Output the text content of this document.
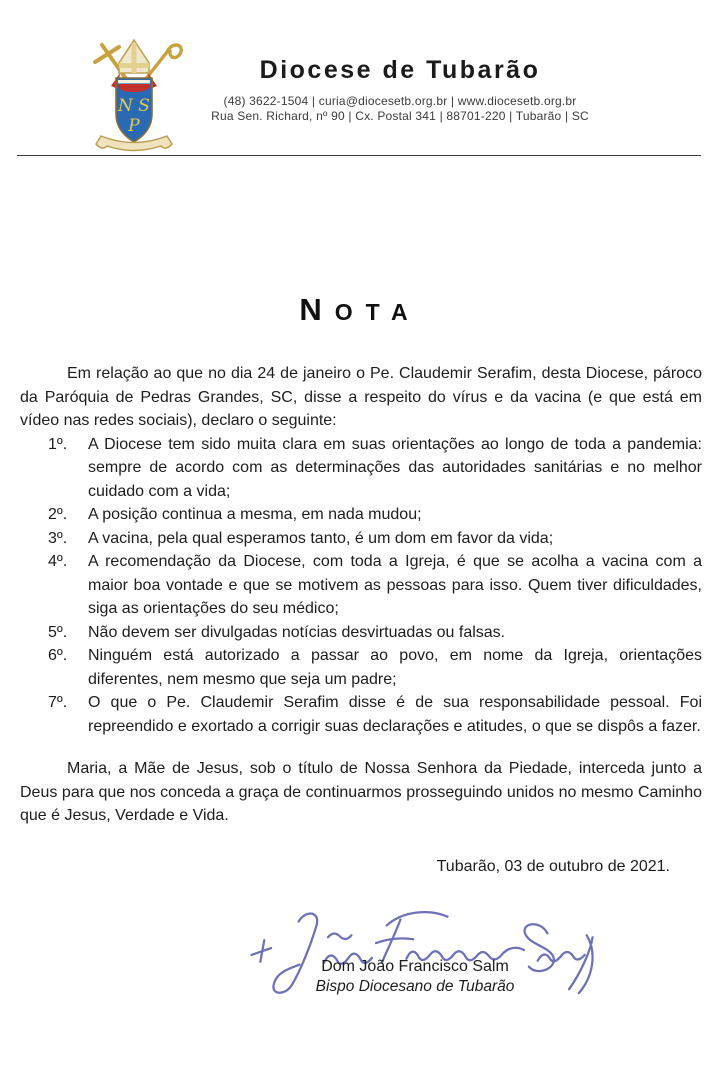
N S
P

Diocese de Tubarão

(48) 3622-1504 | curia@diocesetb.org.br | www.diocesetb.org.br

Rua Sen. Richard, nº 90 | Cx. Postal 341 | 88701-220 | Tubarão | SC

NOTA

Em relação ao que no dia 24 de janeiro o Pe. Claudemir Serafim, desta Diocese, pároco da Paróquia de Pedras Grandes, SC, disse a respeito do vírus e da vacina (e que está em vídeo nas redes sociais), declaro o seguinte:

1º.	A Diocese tem sido muita clara em suas orientações ao longo de toda a pandemia: sempre de acordo com as determinações das autoridades sanitárias e no melhor cuidado com a vida;
2º.	A posição continua a mesma, em nada mudou;
3º.	A vacina, pela qual esperamos tanto, é um dom em favor da vida;
4º.	A recomendação da Diocese, com toda a Igreja, é que se acolha a vacina com a maior boa vontade e que se motivem as pessoas para isso. Quem tiver dificuldades, siga as orientações do seu médico;
5º.	Não devem ser divulgadas notícias desvirtuadas ou falsas.
6º.	Ninguém está autorizado a passar ao povo, em nome da Igreja, orientações diferentes, nem mesmo que seja um padre;
7º.	O que o Pe. Claudemir Serafim disse é de sua responsabilidade pessoal. Foi repreendido e exortado a corrigir suas declarações e atitudes, o que se dispôs a fazer.

Maria, a Mãe de Jesus, sob o título de Nossa Senhora da Piedade, interceda junto a Deus para que nos conceda a graça de continuarmos prosseguindo unidos no mesmo Caminho que é Jesus, Verdade e Vida.

Tubarão, 03 de outubro de 2021.

Dom João Francisco Salm

Bispo Diocesano de Tubarão
